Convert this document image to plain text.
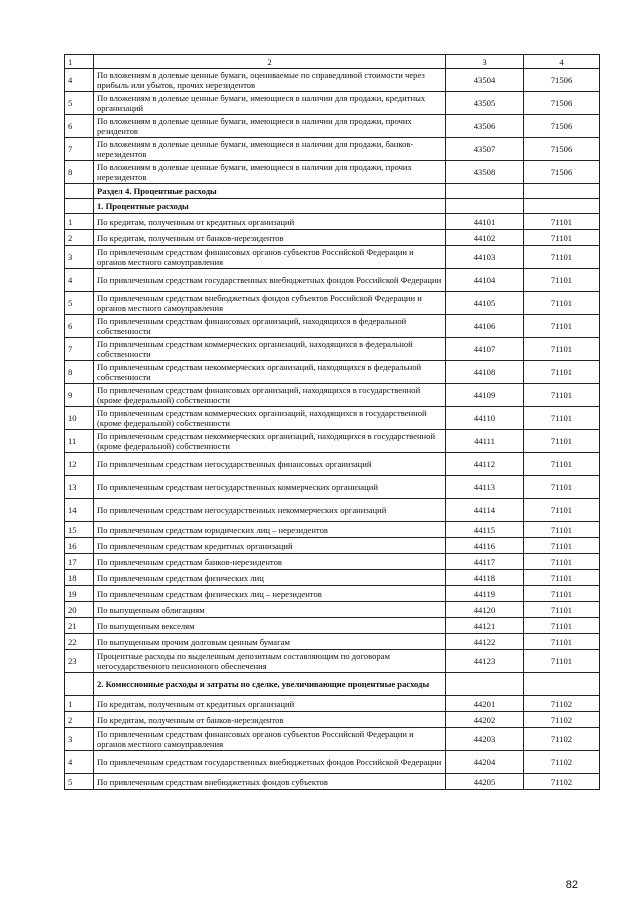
1	2	3	4
4	По вложениям в долевые ценные бумаги, оцениваемые по справедливой стоимости через прибыль или убыток, прочих нерезидентов	43504	71506
5	По вложениям в долевые ценные бумаги, имеющиеся в наличии для продажи, кредитных организаций	43505	71506
6	По вложениям в долевые ценные бумаги, имеющиеся в наличии для продажи, прочих резидентов	43506	71506
7	По вложениям в долевые ценные бумаги, имеющиеся в наличии для продажи, банков-нерезидентов	43507	71506
8	По вложениям в долевые ценные бумаги, имеющиеся в наличии для продажи, прочих нерезидентов	43508	71506
	Раздел 4. Процентные расходы		
	1. Процентные расходы		
1	По кредитам, полученным от кредитных организаций	44101	71101
2	По кредитам, полученным от банков-нерезидентов	44102	71101
3	По привлеченным средствам финансовых органов субъектов Российской Федерации и органов местного самоуправления	44103	71101
4	По привлеченным средствам государственных внебюджетных фондов Российской Федерации	44104	71101
5	По привлеченным средствам внебюджетных фондов субъектов Российской Федерации и органов местного самоуправления	44105	71101
6	По привлеченным средствам финансовых организаций, находящихся в федеральной собственности	44106	71101
7	По привлеченным средствам коммерческих организаций, находящихся в федеральной собственности	44107	71101
8	По привлеченным средствам некоммерческих организаций, находящихся в федеральной собственности	44108	71101
9	По привлеченным средствам финансовых организаций, находящихся в государственной (кроме федеральной) собственности	44109	71101
10	По привлеченным средствам коммерческих организаций, находящихся в государственной (кроме федеральной) собственности	44110	71101
11	По привлеченным средствам некоммерческих организаций, находящихся в государственной (кроме федеральной) собственности	44111	71101
12	По привлеченным средствам негосударственных финансовых организаций	44112	71101
13	По привлеченным средствам негосударственных коммерческих организаций	44113	71101
14	По привлеченным средствам негосударственных некоммерческих организаций	44114	71101
15	По привлеченным средствам юридических лиц – нерезидентов	44115	71101
16	По привлеченным средствам кредитных организаций	44116	71101
17	По привлеченным средствам банков-нерезидентов	44117	71101
18	По привлеченным средствам физических лиц	44118	71101
19	По привлеченным средствам физических лиц – нерезидентов	44119	71101
20	По выпущенным облигациям	44120	71101
21	По выпущенным векселям	44121	71101
22	По выпущенным прочим долговым ценным бумагам	44122	71101
23	Процентные расходы по выделенным депозитным составляющим по договорам негосударственного пенсионного обеспечения	44123	71101
	2. Комиссионные расходы и затраты по сделке, увеличивающие процентные расходы		
1	По кредитам, полученным от кредитных организаций	44201	71102
2	По кредитам, полученным от банков-нерезидентов	44202	71102
3	По привлеченным средствам финансовых органов субъектов Российской Федерации и органов местного самоуправления	44203	71102
4	По привлеченным средствам государственных внебюджетных фондов Российской Федерации	44204	71102
5	По привлеченным средствам внебюджетных фондов субъектов	44205	71102
82
